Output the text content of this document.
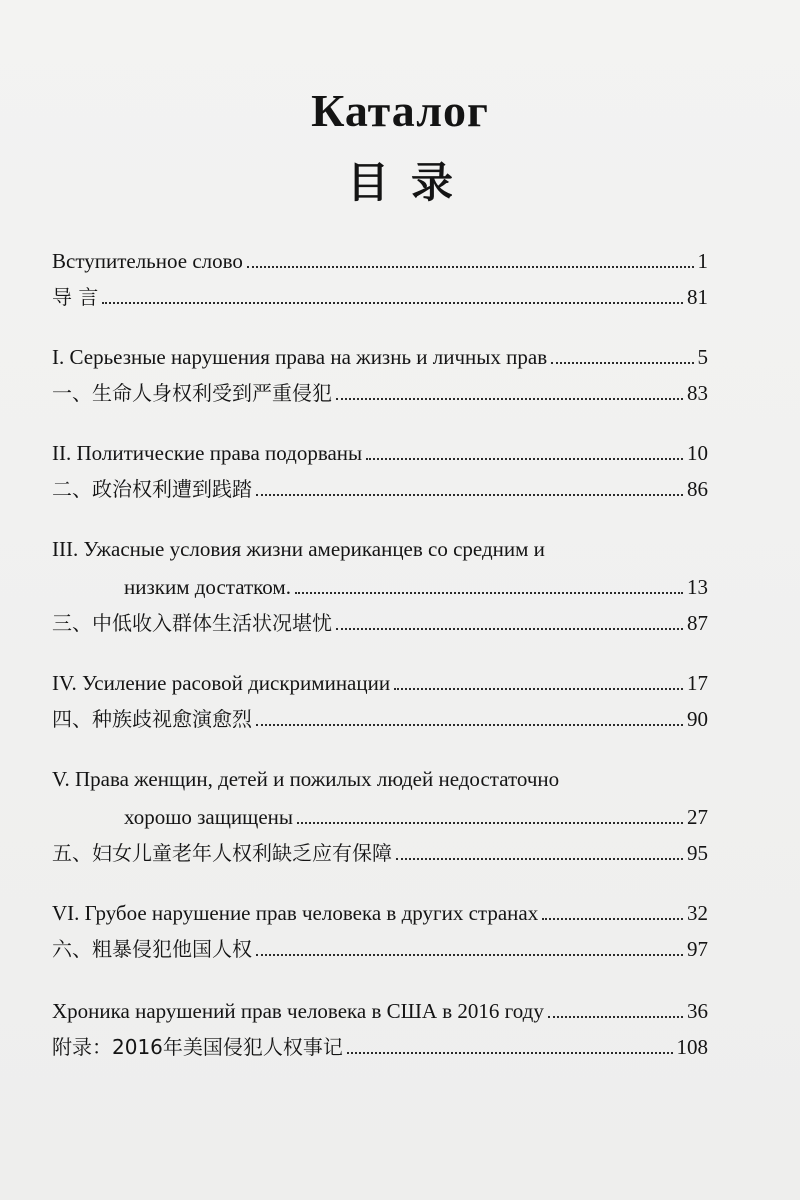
Каталог
目录
Вступительное слово	1
导 言	81
I. Серьезные нарушения права на жизнь и личных прав	5
一、生命人身权利受到严重侵犯	83
II. Политические права подорваны	10
二、政治权利遭到践踏	86
III. Ужасные условия жизни американцев со средним и
низким достатком.	13
三、中低收入群体生活状况堪忧	87
IV. Усиление расовой дискриминации	17
四、种族歧视愈演愈烈	90
V. Права женщин, детей и пожилых людей недостаточно
хорошо защищены	27
五、妇女儿童老年人权利缺乏应有保障	95
VI. Грубое нарушение прав человека в других странах	32
六、粗暴侵犯他国人权	97
Хроника нарушений прав человека в США в 2016 году	36
附录：2016年美国侵犯人权事记	108
